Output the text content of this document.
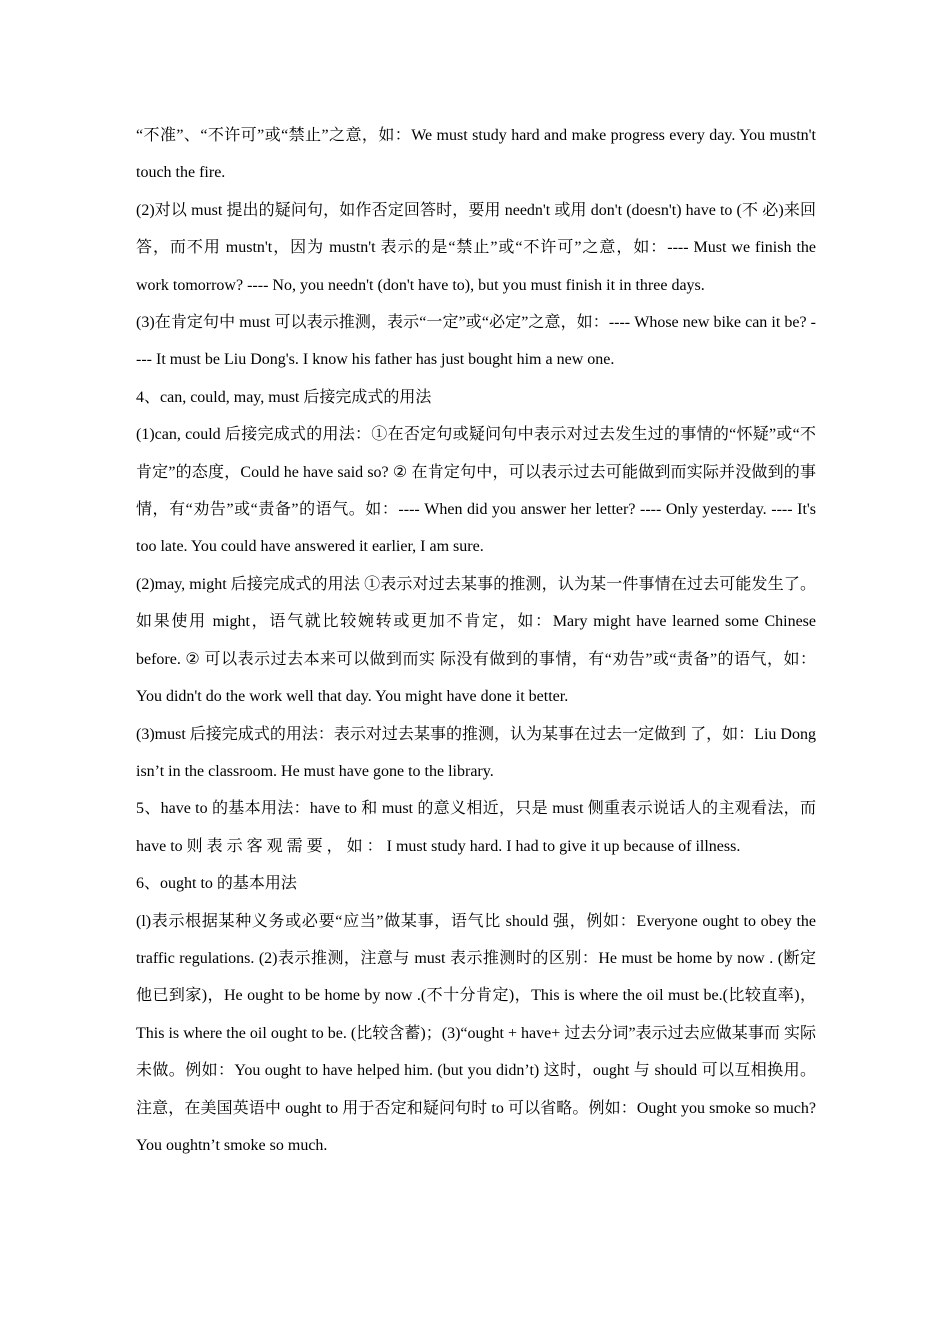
“不准”、“不许可”或“禁止”之意，如：We must study hard and make progress every day. You mustn't touch the fire.

(2)对以 must 提出的疑问句，如作否定回答时，要用 needn't 或用 don't (doesn't) have to (不 必)来回答，而不用 mustn't，因为 mustn't 表示的是“禁止”或“不许可”之意，如：---- Must we finish the work tomorrow? ---- No, you needn't (don't have to), but you must finish it in three days.

(3)在肯定句中 must 可以表示推测，表示“一定”或“必定”之意，如：---- Whose new bike can it be? ---- It must be Liu Dong's. I know his father has just bought him a new one.

4、can, could, may, must 后接完成式的用法

(1)can, could 后接完成式的用法：①在否定句或疑问句中表示对过去发生过的事情的“怀疑”或“不肯定”的态度，Could he have said so? ② 在肯定句中，可以表示过去可能做到而实际并没做到的事情，有“劝告”或“责备”的语气。如：---- When did you answer her letter? ---- Only yesterday. ---- It's too late. You could have answered it earlier, I am sure.

(2)may, might 后接完成式的用法 ①表示对过去某事的推测，认为某一件事情在过去可能发生了。如果使用 might，语气就比较婉转或更加不肯定，如：Mary might have learned some Chinese before. ② 可以表示过去本来可以做到而实 际没有做到的事情，有“劝告”或“责备”的语气，如：You didn't do the work well that day. You might have done it better.

(3)must 后接完成式的用法：表示对过去某事的推测，认为某事在过去一定做到 了，如：Liu Dong isn’t in the classroom. He must have gone to the library.

5、have to 的基本用法：have to 和 must 的意义相近，只是 must 侧重表示说话人的主观看法，而 have to 则 表 示 客 观 需 要 ， 如 ： I must study hard. I had to give it up because of illness.

6、ought to 的基本用法

(l)表示根据某种义务或必要“应当”做某事，语气比 should 强，例如：Everyone ought to obey the traffic regulations. (2)表示推测，注意与 must 表示推测时的区别：He must be home by now . (断定他已到家)，He ought to be home by now .(不十分肯定)，This is where the oil must be.(比较直率)，This is where the oil ought to be. (比较含蓄)；(3)“ought + have+ 过去分词”表示过去应做某事而 实际未做。例如：You ought to have helped him. (but you didn’t) 这时，ought 与 should 可以互相换用。注意，在美国英语中 ought to 用于否定和疑问句时 to 可以省略。例如：Ought you smoke so much? You oughtn’t smoke so much.
